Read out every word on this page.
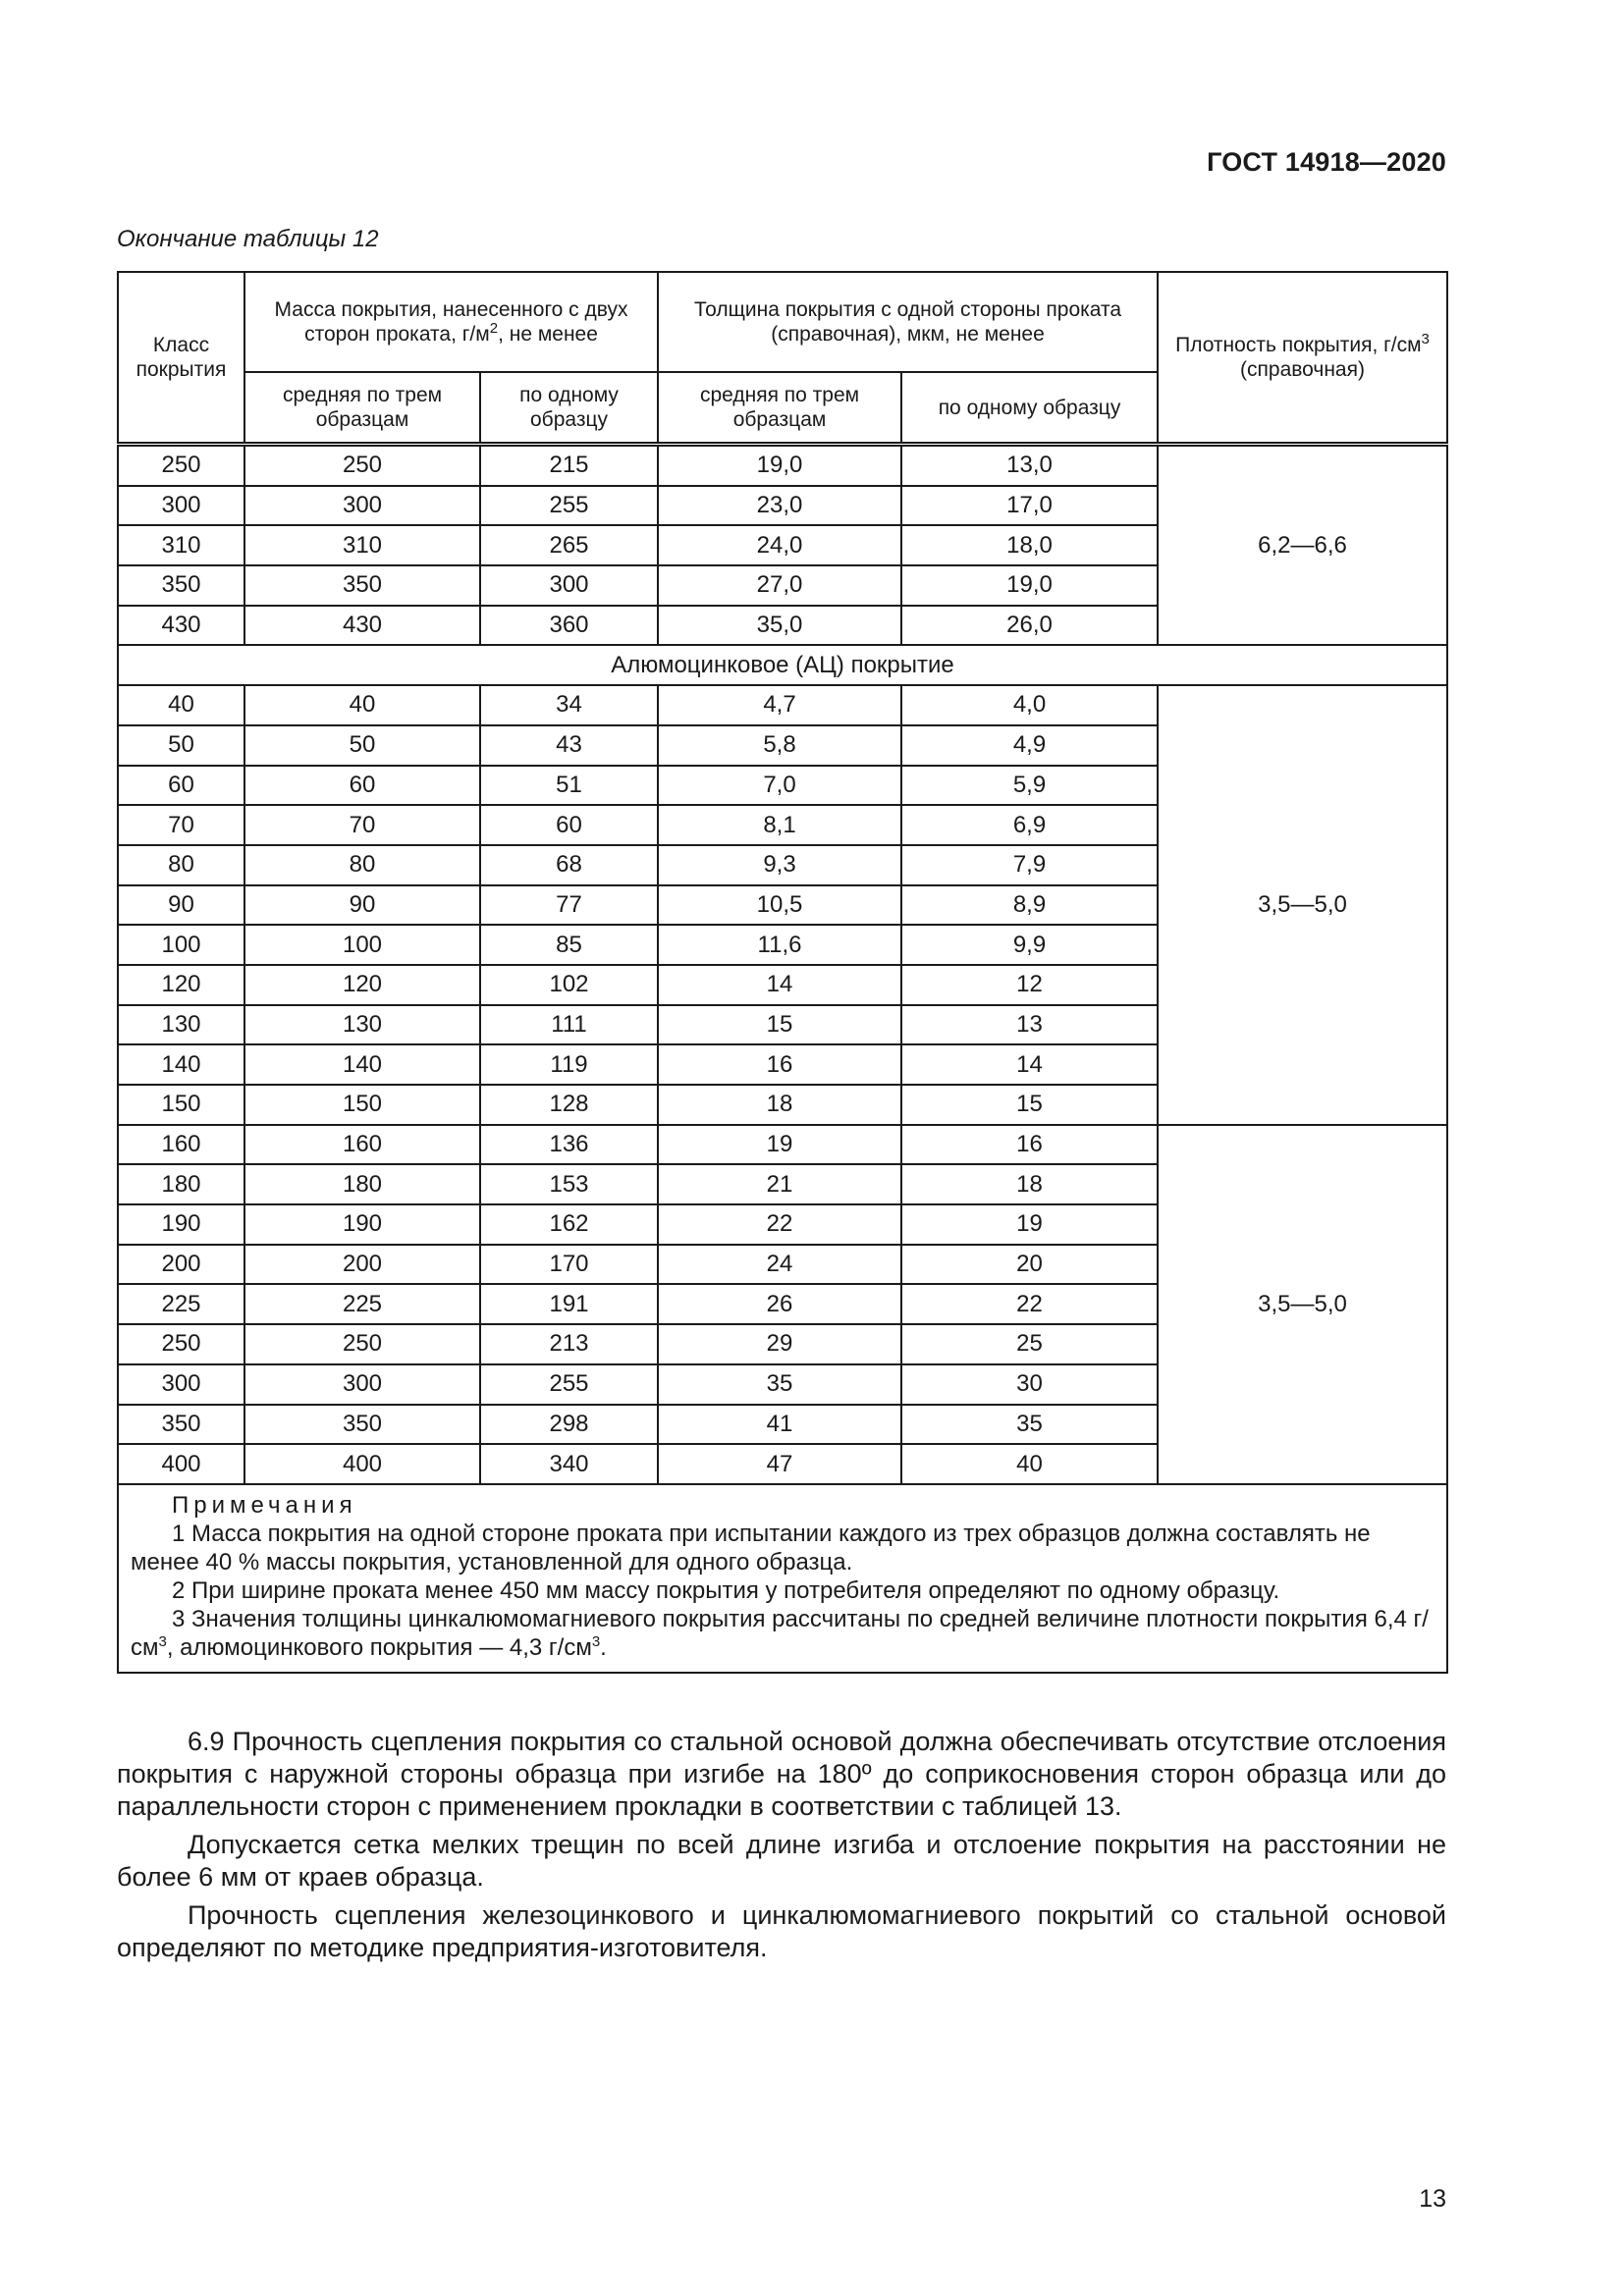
ГОСТ 14918—2020
Окончание таблицы 12
Класс покрытия	Масса покрытия, нанесенного с двух сторон проката, $г/м^2$, не менее		Толщина покрытия с одной стороны проката (справочная), мкм, не менее		Плотность покрытия, $г/см^3$ (справочная)
	средняя по трем образцам	по одному образцу	средняя по трем образцам	по одному образцу	
250	250	215	19,0	13,0	6,2—6,6
300	300	255	23,0	17,0	
310	310	265	24,0	18,0	
350	350	300	27,0	19,0	
430	430	360	35,0	26,0	
Алюмоцинковое (АЦ) покрытие					
40	40	34	4,7	4,0	3,5—5,0
50	50	43	5,8	4,9	
60	60	51	7,0	5,9	
70	70	60	8,1	6,9	
80	80	68	9,3	7,9	
90	90	77	10,5	8,9	
100	100	85	11,6	9,9	
120	120	102	14	12	
130	130	111	15	13	
140	140	119	16	14	
150	150	128	18	15	
160	160	136	19	16	3,5—5,0
180	180	153	21	18	
190	190	162	22	19	
200	200	170	24	20	
225	225	191	26	22	
250	250	213	29	25	
300	300	255	35	30	
350	350	298	41	35	
400	400	340	47	40	

Примечания
1 Масса покрытия на одной стороне проката при испытании каждого из трех образцов должна составлять не менее 40 % массы покрытия, установленной для одного образца.
2 При ширине проката менее 450 мм массу покрытия у потребителя определяют по одному образцу.
3 Значения толщины цинкалюмомагниевого покрытия рассчитаны по средней величине плотности покрытия 6,4 $г/см^3$, алюмоцинкового покрытия — 4,3 $г/см^3$.					

6.9 Прочность сцепления покрытия со стальной основой должна обеспечивать отсутствие отслоения покрытия с наружной стороны образца при изгибе на 180º до соприкосновения сторон образца или до параллельности сторон с применением прокладки в соответствии с таблицей 13.

Допускается сетка мелких трещин по всей длине изгиба и отслоение покрытия на расстоянии не более 6 мм от краев образца.

Прочность сцепления железоцинкового и цинкалюмомагниевого покрытий со стальной основой определяют по методике предприятия-изготовителя.

13
